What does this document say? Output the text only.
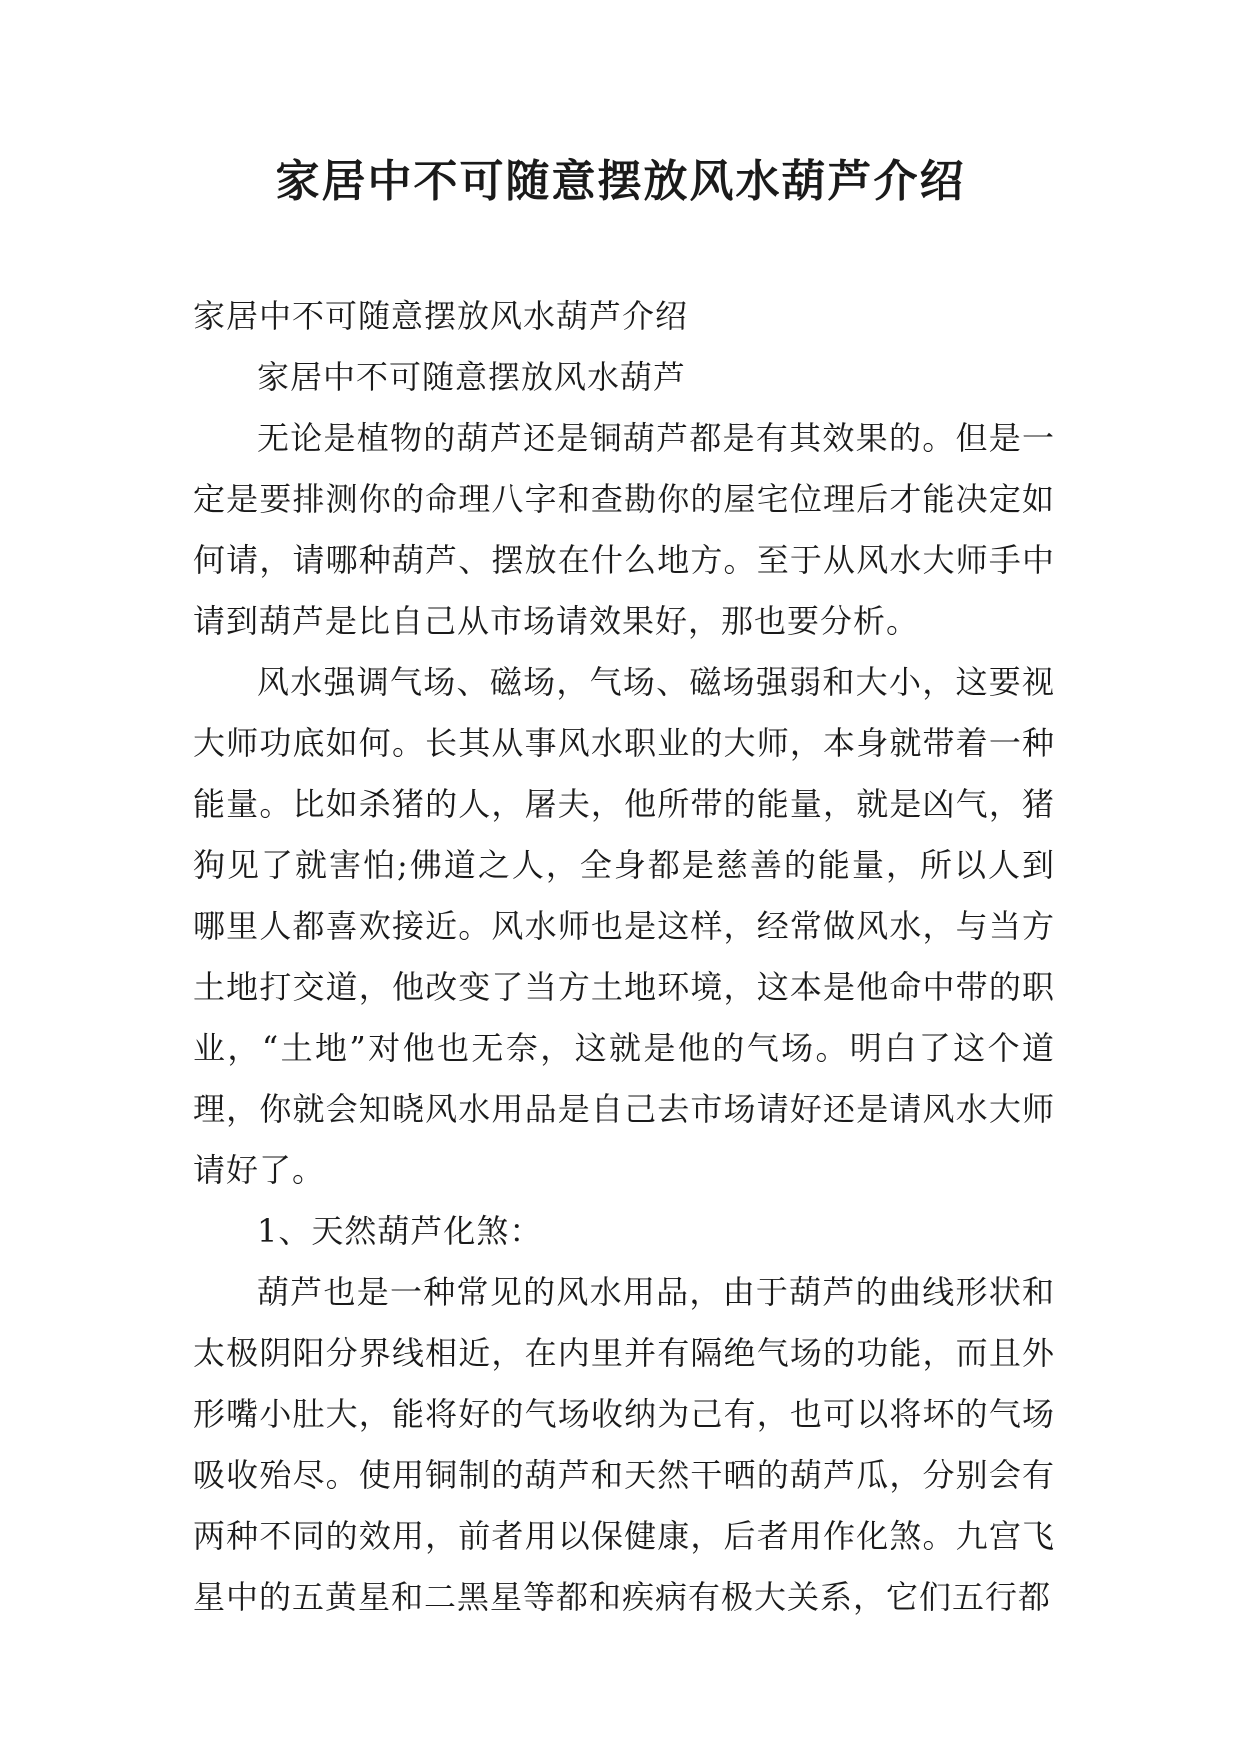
家居中不可随意摆放风水葫芦介绍

家居中不可随意摆放风水葫芦介绍

家居中不可随意摆放风水葫芦

无论是植物的葫芦还是铜葫芦都是有其效果的。但是一定是要排测你的命理八字和查勘你的屋宅位理后才能决定如何请，请哪种葫芦、摆放在什么地方。至于从风水大师手中请到葫芦是比自己从市场请效果好，那也要分析。

风水强调气场、磁场，气场、磁场强弱和大小，这要视大师功底如何。长其从事风水职业的大师，本身就带着一种能量。比如杀猪的人，屠夫，他所带的能量，就是凶气，猪狗见了就害怕;佛道之人，全身都是慈善的能量，所以人到哪里人都喜欢接近。风水师也是这样，经常做风水，与当方土地打交道，他改变了当方土地环境，这本是他命中带的职业，“土地”对他也无奈，这就是他的气场。明白了这个道理，你就会知晓风水用品是自己去市场请好还是请风水大师请好了。

1、天然葫芦化煞：

葫芦也是一种常见的风水用品，由于葫芦的曲线形状和太极阴阳分界线相近，在内里并有隔绝气场的功能，而且外形嘴小肚大，能将好的气场收纳为己有，也可以将坏的气场吸收殆尽。使用铜制的葫芦和天然干晒的葫芦瓜，分别会有两种不同的效用，前者用以保健康，后者用作化煞。九宫飞星中的五黄星和二黑星等都和疾病有极大关系，它们五行都
